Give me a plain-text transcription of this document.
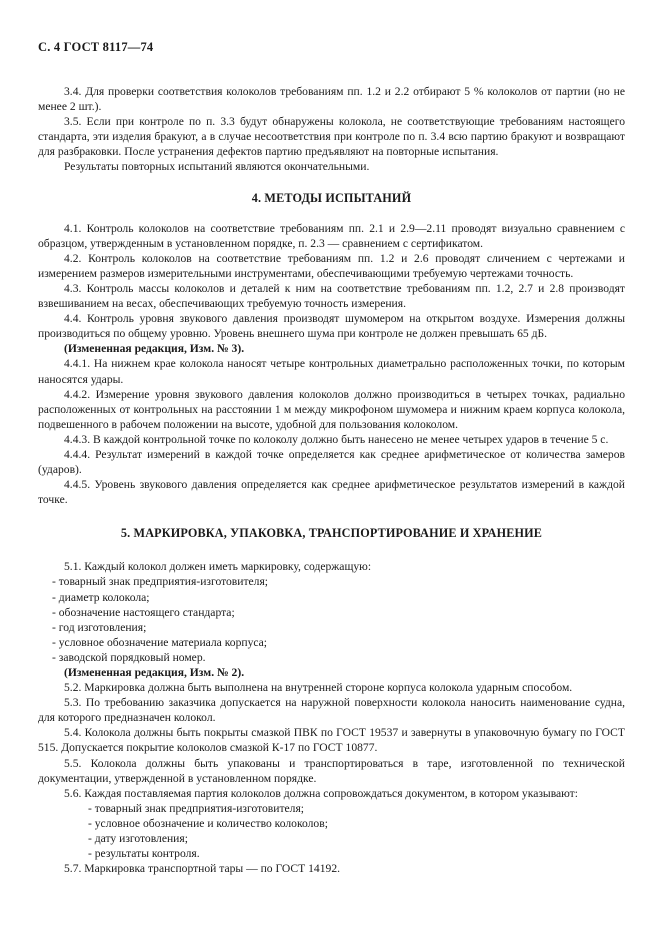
С. 4 ГОСТ 8117—74

3.4. Для проверки соответствия колоколов требованиям пп. 1.2 и 2.2 отбирают 5 % колоколов от партии (но не менее 2 шт.).

3.5. Если при контроле по п. 3.3 будут обнаружены колокола, не соответствующие требованиям настоящего стандарта, эти изделия бракуют, а в случае несоответствия при контроле по п. 3.4 всю партию бракуют и возвращают для разбраковки. После устранения дефектов партию предъявляют на повторные испытания.

Результаты повторных испытаний являются окончательными.

4. МЕТОДЫ ИСПЫТАНИЙ

4.1. Контроль колоколов на соответствие требованиям пп. 2.1 и 2.9—2.11 проводят визуально сравнением с образцом, утвержденным в установленном порядке, п. 2.3 — сравнением с сертификатом.

4.2. Контроль колоколов на соответствие требованиям пп. 1.2 и 2.6 проводят сличением с чертежами и измерением размеров измерительными инструментами, обеспечивающими требуемую чертежами точность.

4.3. Контроль массы колоколов и деталей к ним на соответствие требованиям пп. 1.2, 2.7 и 2.8 производят взвешиванием на весах, обеспечивающих требуемую точность измерения.

4.4. Контроль уровня звукового давления производят шумомером на открытом воздухе. Измерения должны производиться по общему уровню. Уровень внешнего шума при контроле не должен превышать 65 дБ.

(Измененная редакция, Изм. № 3).

4.4.1. На нижнем крае колокола наносят четыре контрольных диаметрально расположенных точки, по которым наносятся удары.

4.4.2. Измерение уровня звукового давления колоколов должно производиться в четырех точках, радиально расположенных от контрольных на расстоянии 1 м между микрофоном шумомера и нижним краем корпуса колокола, подвешенного в рабочем положении на высоте, удобной для пользования колоколом.

4.4.3. В каждой контрольной точке по колоколу должно быть нанесено не менее четырех ударов в течение 5 с.

4.4.4. Результат измерений в каждой точке определяется как среднее арифметическое от количества замеров (ударов).

4.4.5. Уровень звукового давления определяется как среднее арифметическое результатов измерений в каждой точке.

5. МАРКИРОВКА, УПАКОВКА, ТРАНСПОРТИРОВАНИЕ И ХРАНЕНИЕ

5.1. Каждый колокол должен иметь маркировку, содержащую:

- товарный знак предприятия-изготовителя;
- диаметр колокола;
- обозначение настоящего стандарта;
- год изготовления;
- условное обозначение материала корпуса;
- заводской порядковый номер.

(Измененная редакция, Изм. № 2).

5.2. Маркировка должна быть выполнена на внутренней стороне корпуса колокола ударным способом.

5.3. По требованию заказчика допускается на наружной поверхности колокола наносить наименование судна, для которого предназначен колокол.

5.4. Колокола должны быть покрыты смазкой ПВК по ГОСТ 19537 и завернуты в упаковочную бумагу по ГОСТ 515. Допускается покрытие колоколов смазкой К-17 по ГОСТ 10877.

5.5. Колокола должны быть упакованы и транспортироваться в таре, изготовленной по технической документации, утвержденной в установленном порядке.

5.6. Каждая поставляемая партия колоколов должна сопровождаться документом, в котором указывают:

- товарный знак предприятия-изготовителя;
- условное обозначение и количество колоколов;
- дату изготовления;
- результаты контроля.

5.7. Маркировка транспортной тары — по ГОСТ 14192.
